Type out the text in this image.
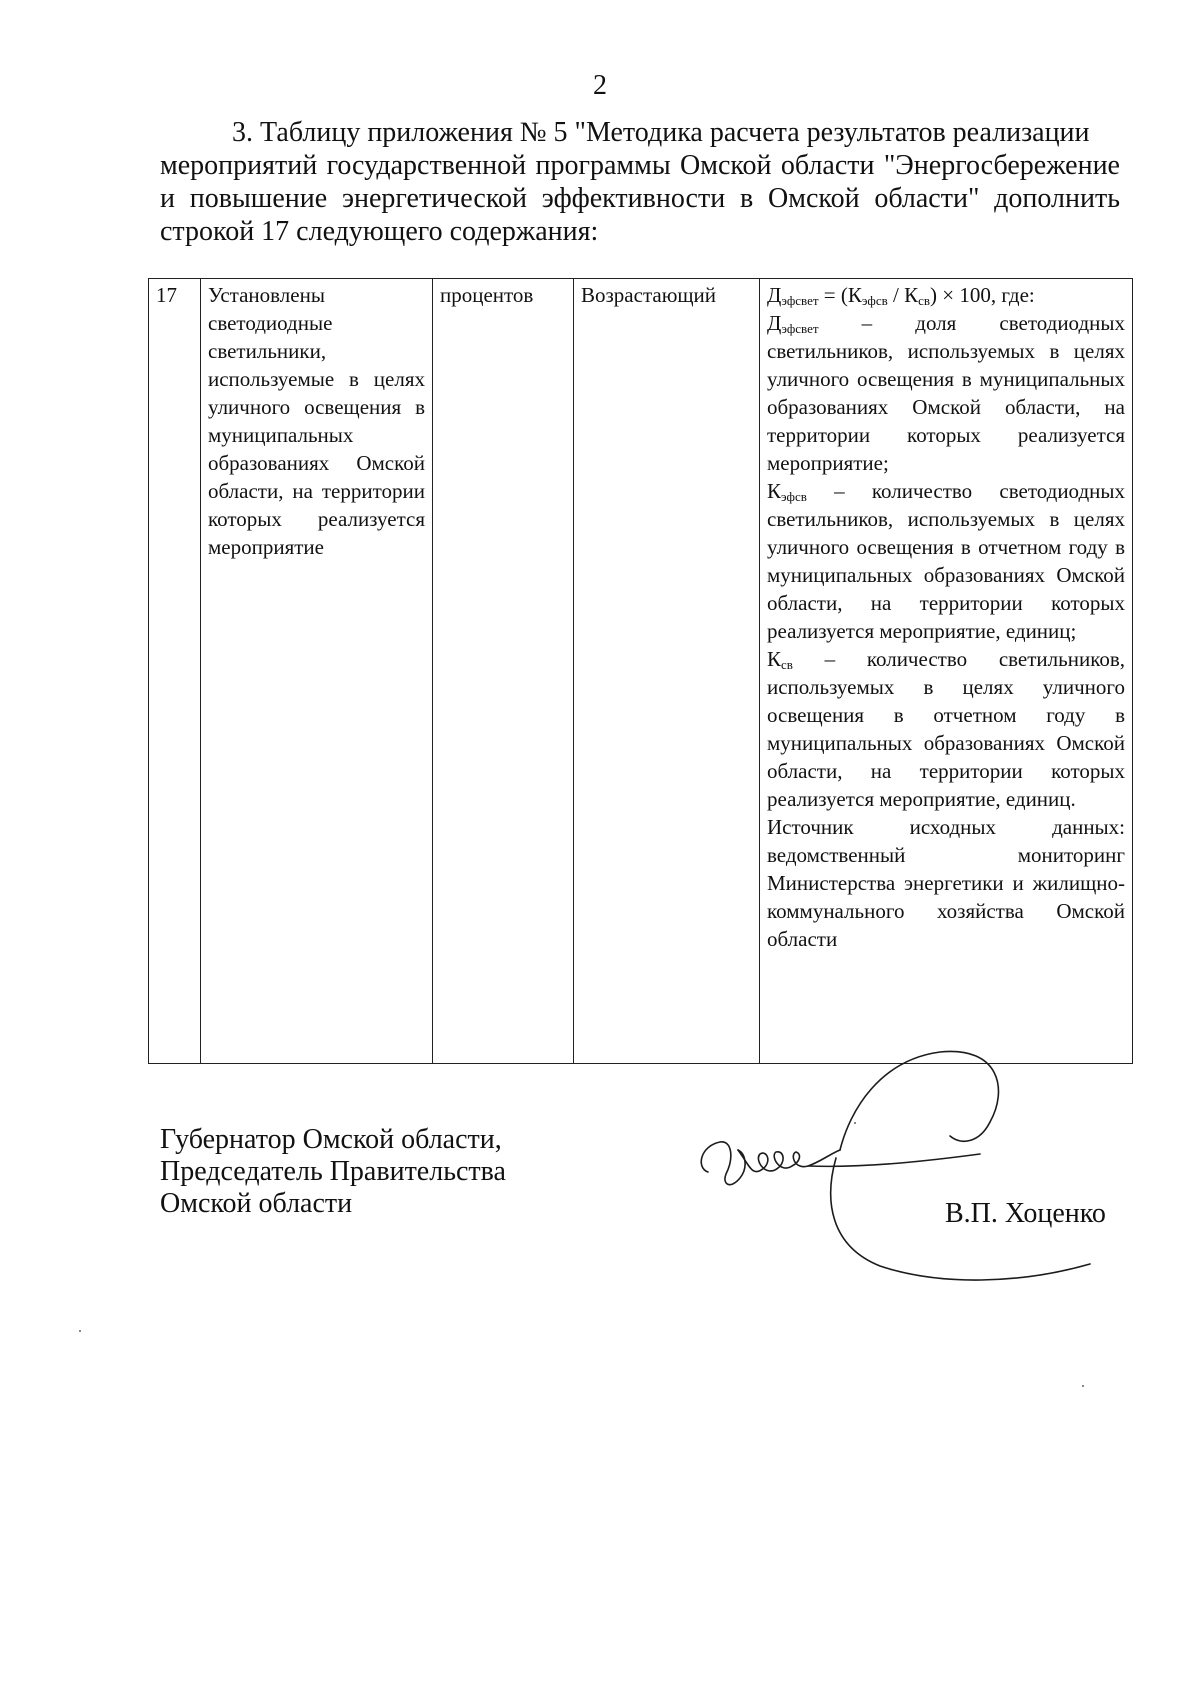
2
3. Таблицу приложения № 5 "Методика расчета результатов реализации
мероприятий государственной программы Омской области "Энергосбережение и повышение энергетической эффективности в Омской области" дополнить строкой 17 следующего содержания:
17	Установлены светодиодные светильники, используемые в целях уличного освещения в муниципальных образованиях Омской области, на территории которых реализуется мероприятие	процентов	Возрастающий	$Д_{эфсвет} = (К_{эфсв} / К_{св}) \times 100$, где:

$Д_{эфсвет}$ – доля светодиодных светильников, используемых в целях уличного освещения в муниципальных образованиях Омской области, на территории которых реализуется мероприятие;

$К_{эфсв}$ – количество светодиодных светильников, используемых в целях уличного освещения в отчетном году в муниципальных образованиях Омской области, на территории которых реализуется мероприятие, единиц;

$К_{св}$ – количество светильников, используемых в целях уличного освещения в отчетном году в муниципальных образованиях Омской области, на территории которых реализуется мероприятие, единиц.

Источник исходных данных: ведомственный мониторинг Министерства энергетики и жилищно-коммунального хозяйства Омской области

Губернатор Омской области,
Председатель Правительства
Омской области	В.П. Хоценко
